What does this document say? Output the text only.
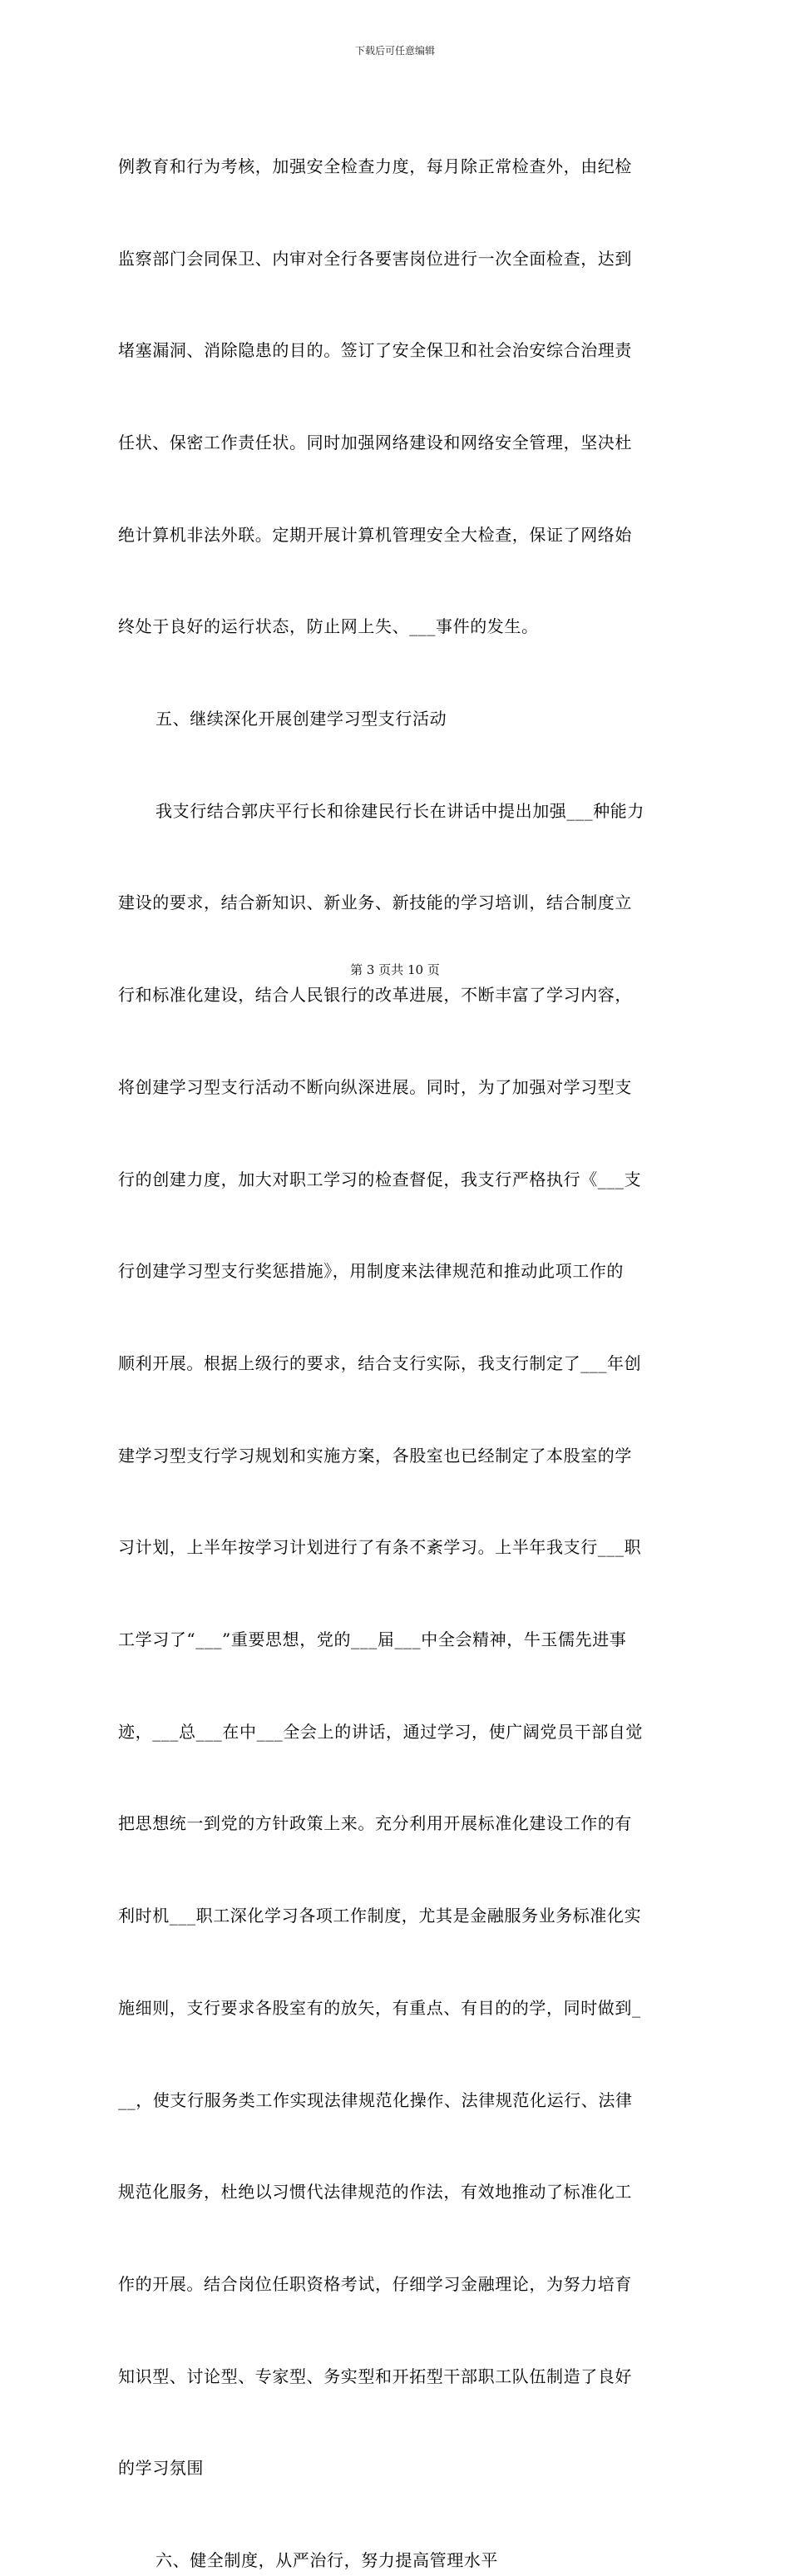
下载后可任意编辑

例教育和行为考核，加强安全检查力度，每月除正常检查外，由纪检

监察部门会同保卫、内审对全行各要害岗位进行一次全面检查，达到

堵塞漏洞、消除隐患的目的。签订了安全保卫和社会治安综合治理责

任状、保密工作责任状。同时加强网络建设和网络安全管理，坚决杜

绝计算机非法外联。定期开展计算机管理安全大检查，保证了网络始

终处于良好的运行状态，防止网上失、___事件的发生。

五、继续深化开展创建学习型支行活动

我支行结合郭庆平行长和徐建民行长在讲话中提出加强___种能力

建设的要求，结合新知识、新业务、新技能的学习培训，结合制度立

行和标准化建设，结合人民银行的改革进展，不断丰富了学习内容，

将创建学习型支行活动不断向纵深进展。同时，为了加强对学习型支

行的创建力度，加大对职工学习的检查督促，我支行严格执行《___支

行创建学习型支行奖惩措施》，用制度来法律规范和推动此项工作的

顺利开展。根据上级行的要求，结合支行实际，我支行制定了___年创

建学习型支行学习规划和实施方案，各股室也已经制定了本股室的学

习计划，上半年按学习计划进行了有条不紊学习。上半年我支行___职

工学习了“___”重要思想，党的___届___中全会精神，牛玉儒先进事

迹，___总___在中___全会上的讲话，通过学习，使广阔党员干部自觉

把思想统一到党的方针政策上来。充分利用开展标准化建设工作的有

利时机___职工深化学习各项工作制度，尤其是金融服务业务标准化实

施细则，支行要求各股室有的放矢，有重点、有目的的学，同时做到_

__，使支行服务类工作实现法律规范化操作、法律规范化运行、法律

规范化服务，杜绝以习惯代法律规范的作法，有效地推动了标准化工

作的开展。结合岗位任职资格考试，仔细学习金融理论，为努力培育

知识型、讨论型、专家型、务实型和开拓型干部职工队伍制造了良好

的学习氛围

六、健全制度，从严治行，努力提高管理水平
第 3 页共 10 页
